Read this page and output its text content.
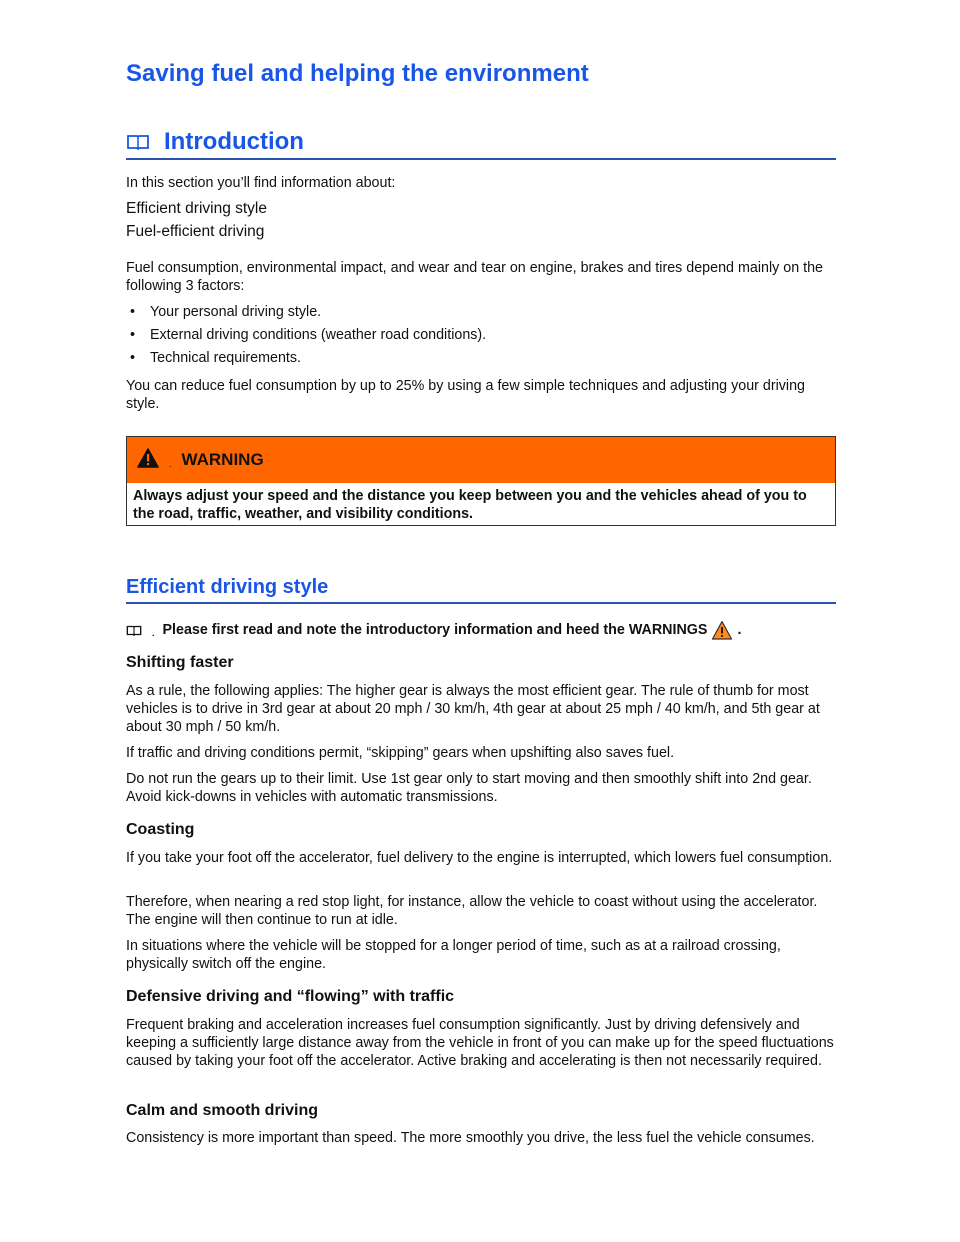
Saving fuel and helping the environment
Introduction

In this section you’ll find information about:

Efficient driving style

Fuel-efficient driving

Fuel consumption, environmental impact, and wear and tear on engine, brakes and tires depend mainly on the following 3 factors:

• Your personal driving style.
• External driving conditions (weather road conditions).
• Technical requirements.

You can reduce fuel consumption by up to 25% by using a few simple techniques and adjusting your driving style.

. WARNING
Always adjust your speed and the distance you keep between you and the vehicles ahead of you to the road, traffic, weather, and visibility conditions.
Efficient driving style
. Please first read and note the introductory information and heed the WARNINGS .
Shifting faster

As a rule, the following applies: The higher gear is always the most efficient gear. The rule of thumb for most vehicles is to drive in 3rd gear at about 20 mph / 30 km/h, 4th gear at about 25 mph / 40 km/h, and 5th gear at about 30 mph / 50 km/h.

If traffic and driving conditions permit, “skipping” gears when upshifting also saves fuel.

Do not run the gears up to their limit. Use 1st gear only to start moving and then smoothly shift into 2nd gear. Avoid kick-downs in vehicles with automatic transmissions.

Coasting

If you take your foot off the accelerator, fuel delivery to the engine is interrupted, which lowers fuel consumption.

Therefore, when nearing a red stop light, for instance, allow the vehicle to coast without using the accelerator. The engine will then continue to run at idle.

In situations where the vehicle will be stopped for a longer period of time, such as at a railroad crossing, physically switch off the engine.

Defensive driving and “flowing” with traffic

Frequent braking and acceleration increases fuel consumption significantly. Just by driving defensively and keeping a sufficiently large distance away from the vehicle in front of you can make up for the speed fluctuations caused by taking your foot off the accelerator. Active braking and accelerating is then not necessarily required.

Calm and smooth driving

Consistency is more important than speed. The more smoothly you drive, the less fuel the vehicle consumes.
